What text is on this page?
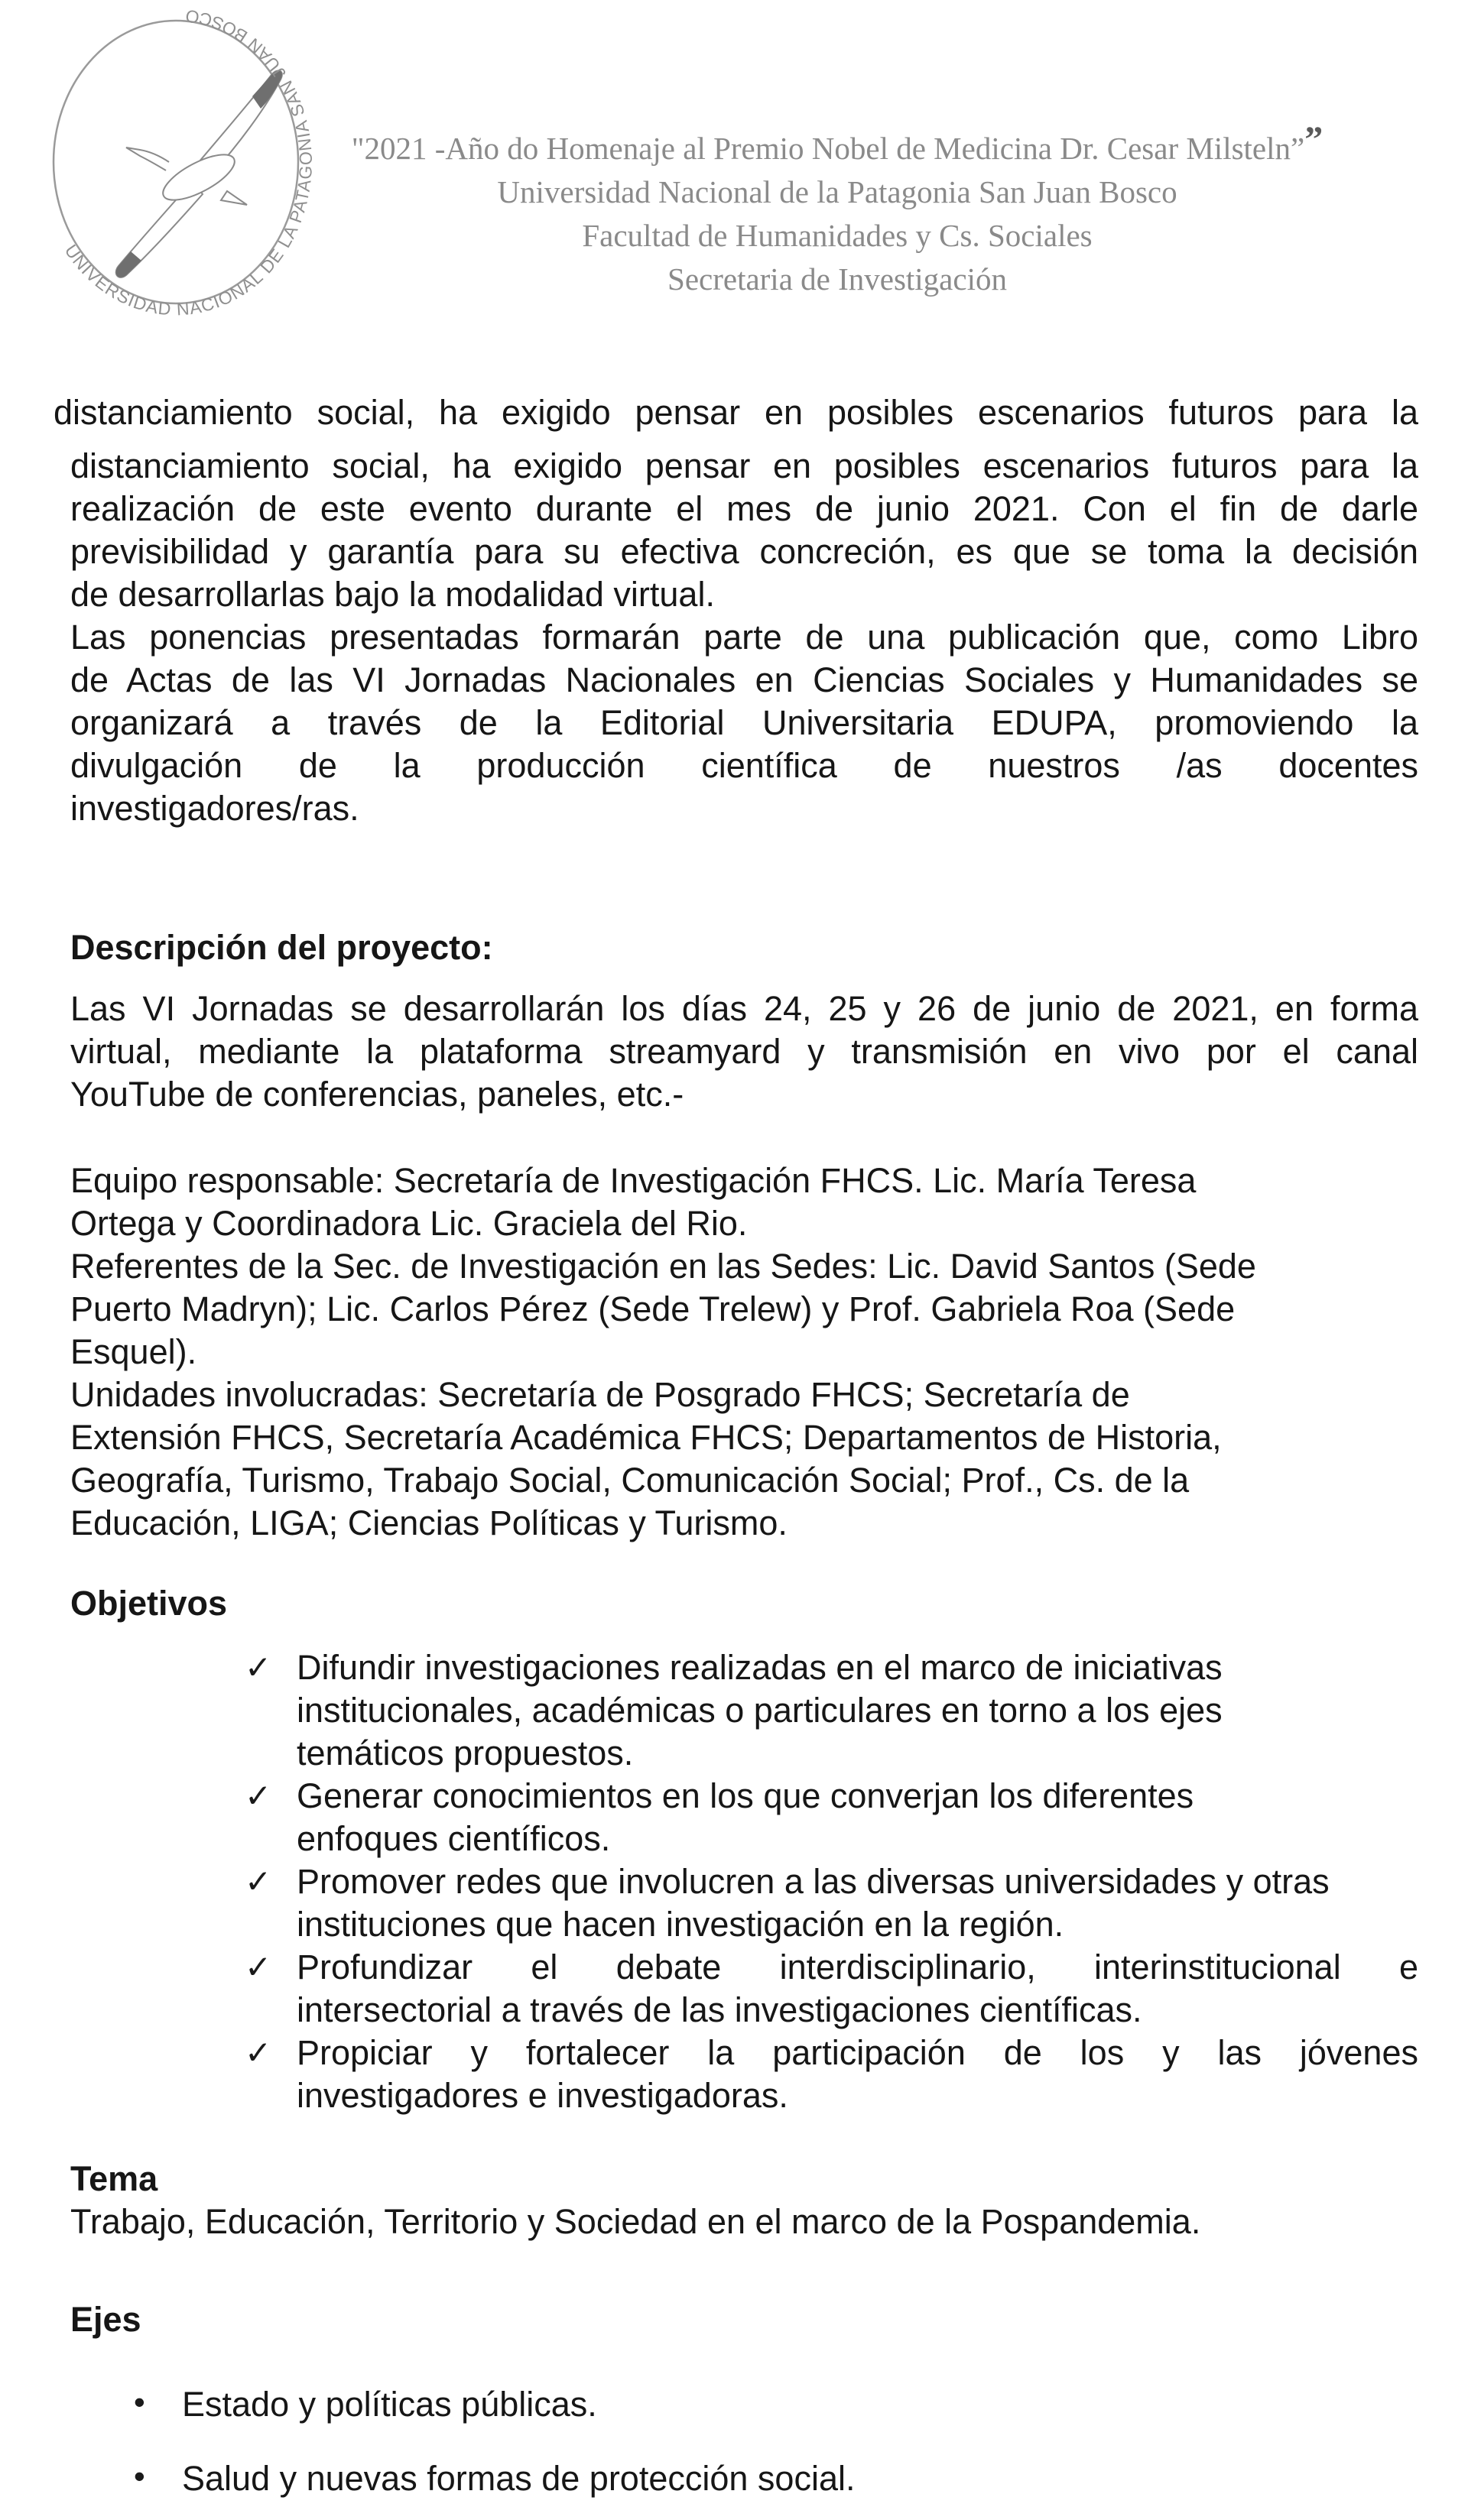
UNIVERSIDAD NACIONAL DE LA PATAGONIA SAN JUAN BOSCO
"2021 -Año do Homenaje al Premio Nobel de Medicina Dr. Cesar Milsteln””
Universidad Nacional de la Patagonia San Juan Bosco
Facultad de Humanidades y Cs. Sociales
Secretaria de Investigación
distanciamiento social, ha exigido pensar en posibles escenarios futuros para la
distanciamiento social, ha exigido pensar en posibles escenarios futuros para la
realización de este evento durante el mes de junio 2021. Con el fin de darle
previsibilidad y garantía para su efectiva concreción, es que se toma la decisión
de desarrollarlas bajo la modalidad virtual.
Las ponencias presentadas formarán parte de una publicación que, como Libro
de Actas de las VI Jornadas Nacionales en Ciencias Sociales y Humanidades se
organizará a través de la Editorial Universitaria EDUPA, promoviendo la
divulgación de la producción científica de nuestros /as docentes
investigadores/ras.
Descripción del proyecto:
Las VI Jornadas se desarrollarán los días 24, 25 y 26 de junio de 2021, en forma
virtual, mediante la plataforma streamyard y transmisión en vivo por el canal
YouTube de conferencias, paneles, etc.-
Equipo responsable: Secretaría de Investigación FHCS. Lic. María Teresa
Ortega y Coordinadora Lic. Graciela del Rio.
Referentes de la Sec. de Investigación en las Sedes: Lic. David Santos (Sede
Puerto Madryn); Lic. Carlos Pérez (Sede Trelew) y Prof. Gabriela Roa (Sede
Esquel).
Unidades involucradas: Secretaría de Posgrado FHCS; Secretaría de
Extensión FHCS, Secretaría Académica FHCS; Departamentos de Historia,
Geografía, Turismo, Trabajo Social, Comunicación Social; Prof., Cs. de la
Educación, LIGA; Ciencias Políticas y Turismo.
Objetivos
✓ Difundir investigaciones realizadas en el marco de iniciativas
institucionales, académicas o particulares en torno a los ejes
temáticos propuestos.
✓ Generar conocimientos en los que converjan los diferentes
enfoques científicos.
✓ Promover redes que involucren a las diversas universidades y otras
instituciones que hacen investigación en la región.
✓ Profundizar el debate interdisciplinario, interinstitucional e
intersectorial a través de las investigaciones científicas.
✓ Propiciar y fortalecer la participación de los y las jóvenes
investigadores e investigadoras.
Tema
Trabajo, Educación, Territorio y Sociedad en el marco de la Pospandemia.
Ejes
• Estado y políticas públicas.
• Salud y nuevas formas de protección social.
